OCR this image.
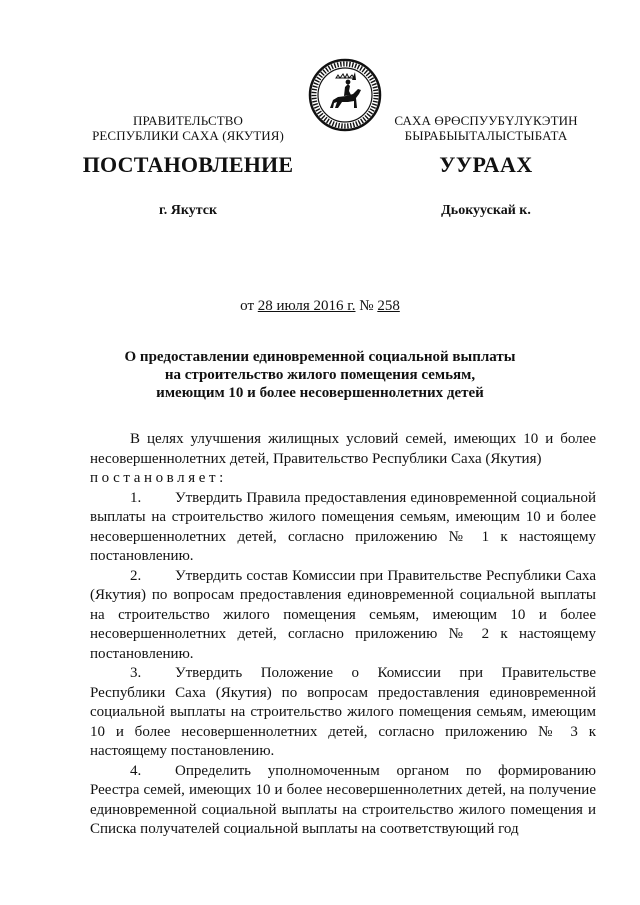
ПРАВИТЕЛЬСТВО
РЕСПУБЛИКИ САХА (ЯКУТИЯ)
САХА ӨРӨСПУУБҮЛҮКЭТИН
БЫРАБЫЫТАЛЫСТЫБАТА
ПОСТАНОВЛЕНИЕ	УУРААХ
г. Якутск	Дьокуускай к.
от 28 июля 2016 г. № 258
О предоставлении единовременной социальной выплаты
на строительство жилого помещения семьям,
имеющим 10 и более несовершеннолетних детей

В целях улучшения жилищных условий семей, имеющих 10 и более несовершеннолетних детей, Правительство Республики Саха (Якутия)
постановляет:

1. Утвердить Правила предоставления единовременной социальной выплаты на строительство жилого помещения семьям, имеющим 10 и более несовершеннолетних детей, согласно приложению № 1 к настоящему постановлению.

2. Утвердить состав Комиссии при Правительстве Республики Саха (Якутия) по вопросам предоставления единовременной социальной выплаты на строительство жилого помещения семьям, имеющим 10 и более несовершеннолетних детей, согласно приложению № 2 к настоящему постановлению.

3. Утвердить Положение о Комиссии при Правительстве Республики Саха (Якутия) по вопросам предоставления единовременной социальной выплаты на строительство жилого помещения семьям, имеющим 10 и более несовершеннолетних детей, согласно приложению № 3 к настоящему постановлению.

4. Определить уполномоченным органом по формированию Реестра семей, имеющих 10 и более несовершеннолетних детей, на получение единовременной социальной выплаты на строительство жилого помещения и Списка получателей социальной выплаты на соответствующий год
